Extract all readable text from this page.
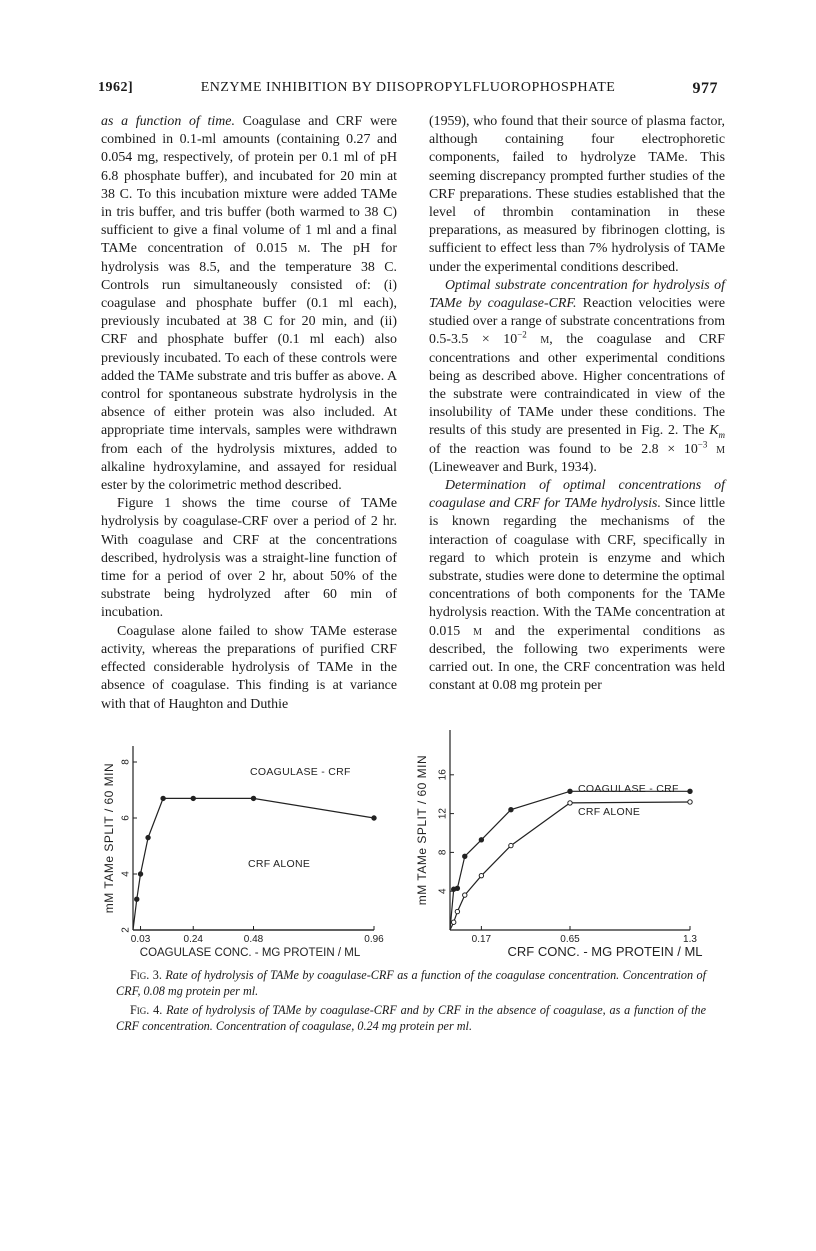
1962]	ENZYME INHIBITION BY DIISOPROPYLFLUOROPHOSPHATE	977

as a function of time. Coagulase and CRF were combined in 0.1-ml amounts (containing 0.27 and 0.054 mg, respectively, of protein per 0.1 ml of pH 6.8 phosphate buffer), and incubated for 20 min at 38 C. To this incubation mixture were added TAMe in tris buffer, and tris buffer (both warmed to 38 C) sufficient to give a final volume of 1 ml and a final TAMe concentration of 0.015 m. The pH for hydrolysis was 8.5, and the temperature 38 C. Controls run simultaneously consisted of: (i) coagulase and phosphate buffer (0.1 ml each), previously incubated at 38 C for 20 min, and (ii) CRF and phosphate buffer (0.1 ml each) also previously incubated. To each of these controls were added the TAMe substrate and tris buffer as above. A control for spontaneous substrate hydrolysis in the absence of either protein was also included. At appropriate time intervals, samples were withdrawn from each of the hydrolysis mixtures, added to alkaline hydroxylamine, and assayed for residual ester by the colorimetric method described.

Figure 1 shows the time course of TAMe hydrolysis by coagulase-CRF over a period of 2 hr. With coagulase and CRF at the concentrations described, hydrolysis was a straight-line function of time for a period of over 2 hr, about 50% of the substrate being hydrolyzed after 60 min of incubation.

Coagulase alone failed to show TAMe esterase activity, whereas the preparations of purified CRF effected considerable hydrolysis of TAMe in the absence of coagulase. This finding is at variance with that of Haughton and Duthie

(1959), who found that their source of plasma factor, although containing four electrophoretic components, failed to hydrolyze TAMe. This seeming discrepancy prompted further studies of the CRF preparations. These studies established that the level of thrombin contamination in these preparations, as measured by fibrinogen clotting, is sufficient to effect less than 7% hydrolysis of TAMe under the experimental conditions described.

Optimal substrate concentration for hydrolysis of TAMe by coagulase-CRF. Reaction velocities were studied over a range of substrate concentrations from $0.5-3.5 \times 10^{-2}$ m, the coagulase and CRF concentrations and other experimental conditions being as described above. Higher concentrations of the substrate were contraindicated in view of the insolubility of TAMe under these conditions. The results of this study are presented in Fig. 2. The $K_m$ of the reaction was found to be $2.8 \times 10^{-3}$ m (Lineweaver and Burk, 1934).

Determination of optimal concentrations of coagulase and CRF for TAMe hydrolysis. Since little is known regarding the mechanisms of the interaction of coagulase with CRF, specifically in regard to which protein is enzyme and which substrate, studies were done to determine the optimal concentrations of both components for the TAMe hydrolysis reaction. With the TAMe concentration at 0.015 m and the experimental conditions as described, the following two experiments were carried out. In one, the CRF concentration was held constant at 0.08 mg protein per

0.03	0.24	0.48	0.96
2
4
6
8
COAGULASE CONC. - MG PROTEIN / ML
mM TAMe SPLIT / 60 MIN	COAGULASE - CRF
CRF ALONE
0.17	0.65	1.3
4
8
12
16
CRF CONC. - MG PROTEIN / ML
mM TAMe SPLIT / 60 MIN	COAGULASE - CRF
CRF ALONE

Fig. 3. Rate of hydrolysis of TAMe by coagulase-CRF as a function of the coagulase concentration. Concentration of CRF, 0.08 mg protein per ml.

Fig. 4. Rate of hydrolysis of TAMe by coagulase-CRF and by CRF in the absence of coagulase, as a function of the CRF concentration. Concentration of coagulase, 0.24 mg protein per ml.
